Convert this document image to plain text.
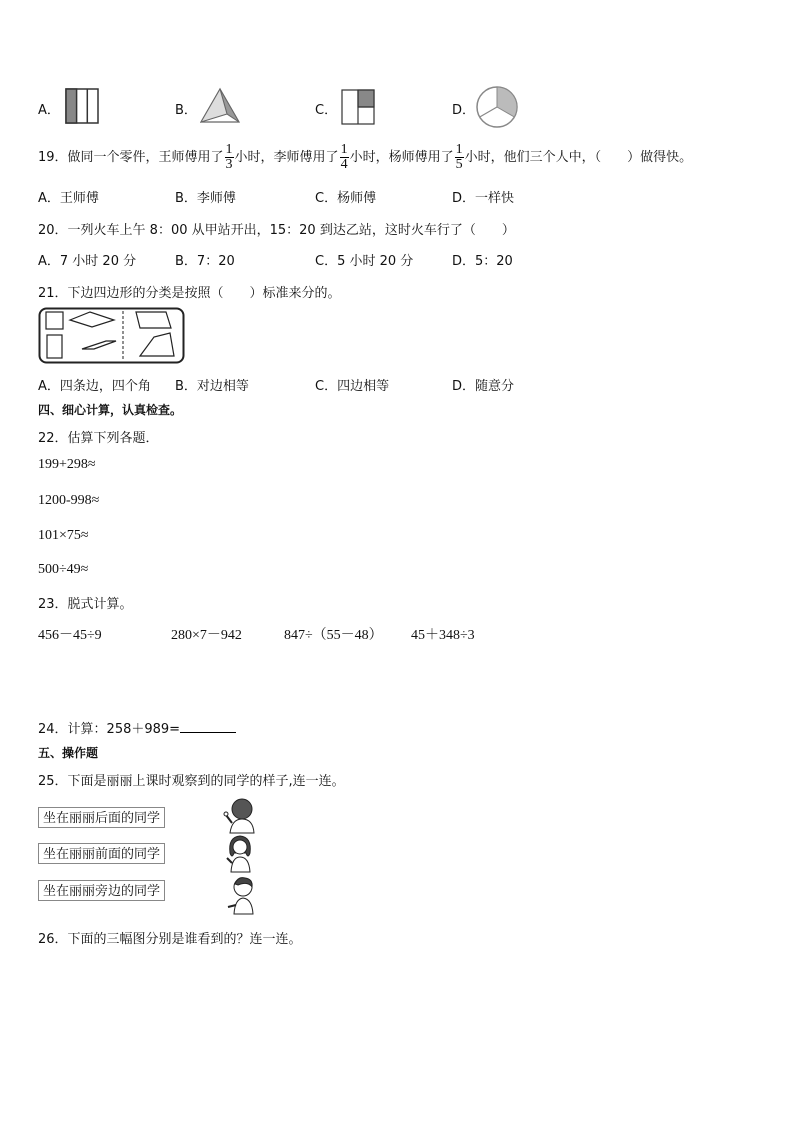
A．	B．	C．	D．
19．做同一个零件，王师傅用了 $\frac{1}{3}$ 小时，李师傅用了 $\frac{1}{4}$ 小时，杨师傅用了 $\frac{1}{5}$ 小时，他们三个人中，（　　）做得快。
A．王师傅	B．李师傅	C．杨师傅	D．一样快
20．一列火车上午 8：00 从甲站开出，15：20 到达乙站，这时火车行了（　　）
A．7 小时 20 分	B．7：20	C．5 小时 20 分	D．5：20
21．下边四边形的分类是按照（　　）标准来分的。
A．四条边，四个角 B．对边相等	C．四边相等	D．随意分
四、细心计算，认真检查。
22．估算下列各题．
199+298≈
1200-998≈
101×75≈
500÷49≈
23．脱式计算。
456－45÷9	280×7－942	847÷（55－48） 45＋348÷3
24．计算：258＋989=
五、操作题
25．下面是丽丽上课时观察到的同学的样子,连一连。
坐在丽丽后面的同学
坐在丽丽前面的同学
坐在丽丽旁边的同学
26．下面的三幅图分别是谁看到的？连一连。
